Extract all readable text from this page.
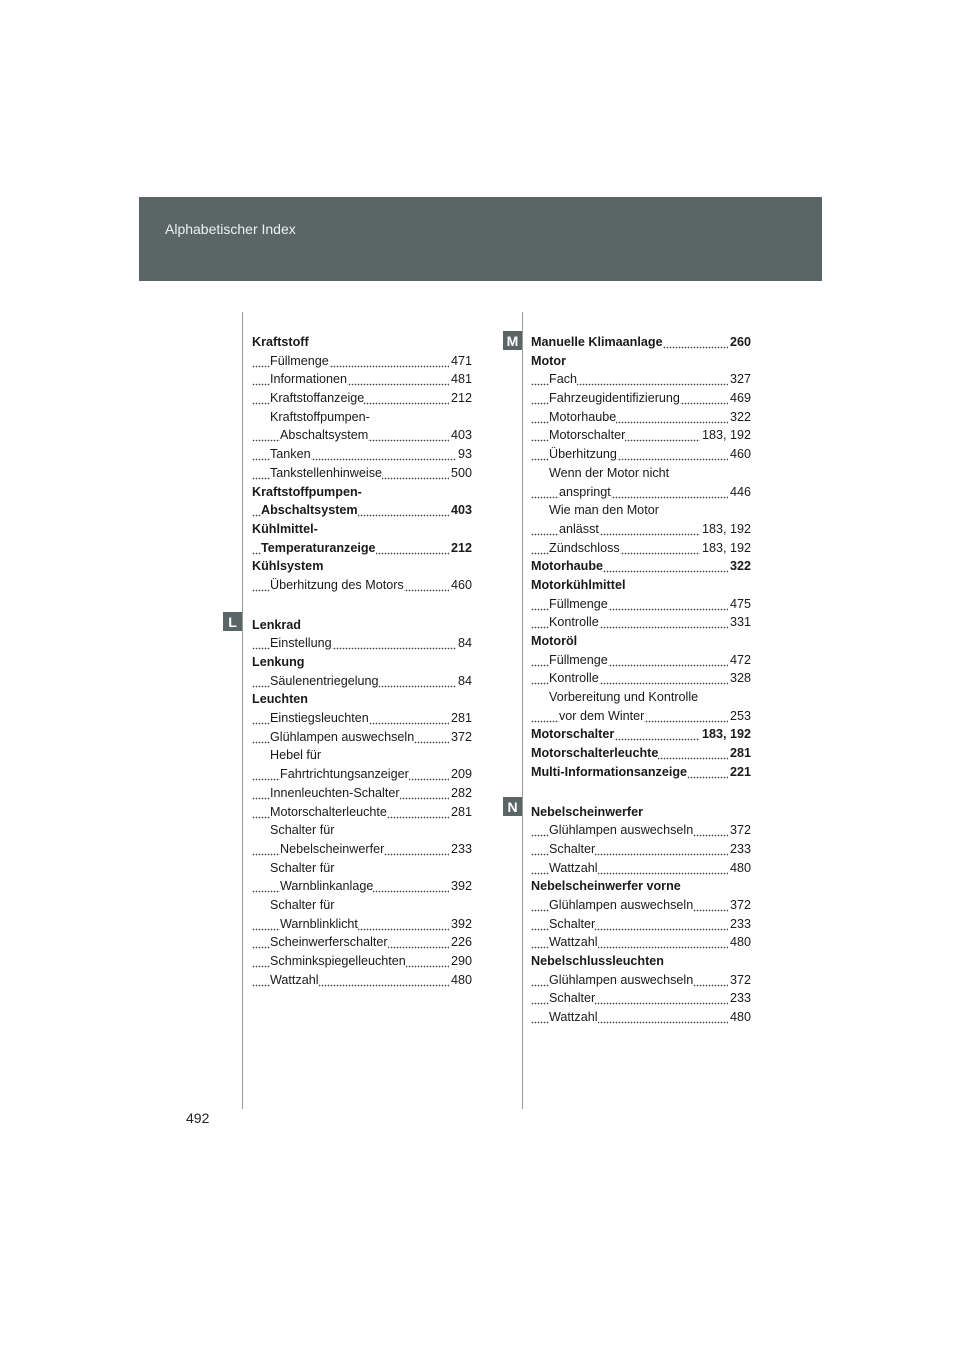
Alphabetischer Index
L
M
N
Kraftstoff
Füllmenge	471
Informationen	481
Kraftstoffanzeige	212
Kraftstoffpumpen-
Abschaltsystem	403
Tanken	93
Tankstellenhinweise	500
Kraftstoffpumpen-
Abschaltsystem	403
Kühlmittel-
Temperaturanzeige	212
Kühlsystem
Überhitzung des Motors	460
Lenkrad
Einstellung	84
Lenkung
Säulenentriegelung	84
Leuchten
Einstiegsleuchten	281
Glühlampen auswechseln	372
Hebel für
Fahrtrichtungsanzeiger	209
Innenleuchten-Schalter	282
Motorschalterleuchte	281
Schalter für
Nebelscheinwerfer	233
Schalter für
Warnblinkanlage	392
Schalter für
Warnblinklicht	392
Scheinwerferschalter	226
Schminkspiegelleuchten	290
Wattzahl	480
Manuelle Klimaanlage	260
Motor
Fach	327
Fahrzeugidentifizierung	469
Motorhaube	322
Motorschalter	183, 192
Überhitzung	460
Wenn der Motor nicht
anspringt	446
Wie man den Motor
anlässt	183, 192
Zündschloss	183, 192
Motorhaube	322
Motorkühlmittel
Füllmenge	475
Kontrolle	331
Motoröl
Füllmenge	472
Kontrolle	328
Vorbereitung und Kontrolle
vor dem Winter	253
Motorschalter	183, 192
Motorschalterleuchte	281
Multi-Informationsanzeige	221
Nebelscheinwerfer
Glühlampen auswechseln	372
Schalter	233
Wattzahl	480
Nebelscheinwerfer vorne
Glühlampen auswechseln	372
Schalter	233
Wattzahl	480
Nebelschlussleuchten
Glühlampen auswechseln	372
Schalter	233
Wattzahl	480
492
